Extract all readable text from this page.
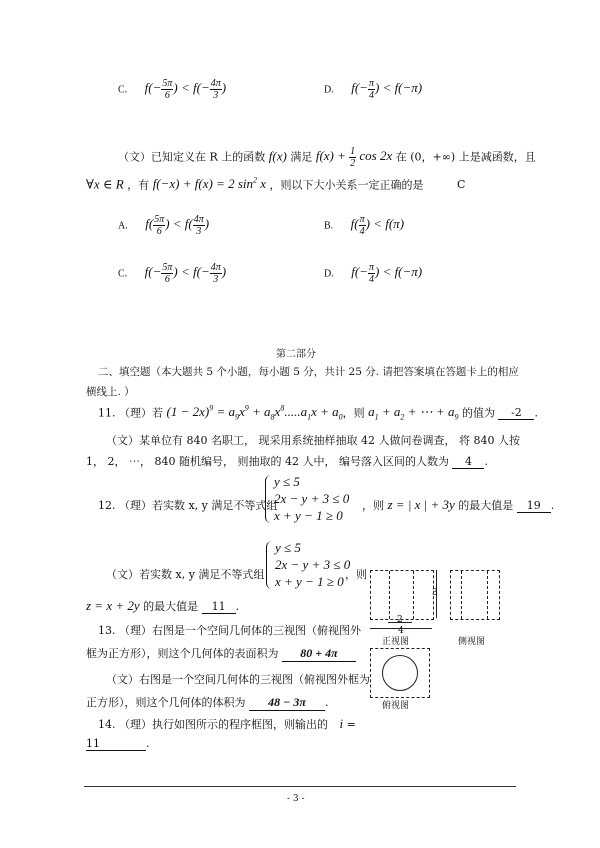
C. $f(- \frac{5\pi}{6}$ ) < $f(- \frac{4\pi}{3}$ )	D. $f(- \frac{\pi}{4}$ ) < f(−π)
（文）已知定义在 R 上的函数 f(x) 满足 $f(x) + \frac{1}{2}$ cos 2x 在 (0，+∞) 上是减函数，且
∀x ∈ R ，有 f(−x) + f(x) = 2 $\sin^2 x$ ，则以下大小关系一定正确的是	C
A. $f( \frac{5\pi}{6}$ ) < $f( \frac{4\pi}{3}$ )	B. $f( \frac{\pi}{4}$ ) < f(π)
C. $f(- \frac{5\pi}{6}$ ) < $f(- \frac{4\pi}{3}$ )	D. $f(- \frac{\pi}{4}$ ) < f(−π)
第二部分
二、填空题（本大题共 5 个小题，每小题 5 分，共计 25 分. 请把答案填在答题卡上的相应
横线上. ）
11. （理）若 $(1 - 2x)^9 = a_9x^9 + a_8x^8.....a_1x + a_0$，则 $a_1 + a_2$ + ⋯ + $a_9$ 的值为 -2 .
（文）某单位有 840 名职工， 现采用系统抽样抽取 42 人做问卷调查， 将 840 人按
1， 2， ⋯， 840 随机编号， 则抽取的 42 人中， 编号落入区间的人数为 4 .
12. （理）若实数 x, y 满足不等式组
y ≤ 5
2x − y + 3 ≤ 0
x + y − 1 ≥ 0
，则 z = | x | + 3y 的最大值是 19 .
（文）若实数 x, y 满足不等式组
y ≤ 5
2x − y + 3 ≤ 0
x + y − 1 ≥ 0 ，则
z = x + 2y 的最大值是 11 .
13. （理）右图是一个空间几何体的三视图（俯视图外
框为正方形），则这个几何体的表面积为 80 + 4π
（文）右图是一个空间几何体的三视图（俯视图外框为
正方形），则这个几何体的体积为 48 − 3π .
14. （理）执行如图所示的程序框图，则输出的 i =
11	.
3
2
4
正视图	侧视图
俯视图
- 3 -
